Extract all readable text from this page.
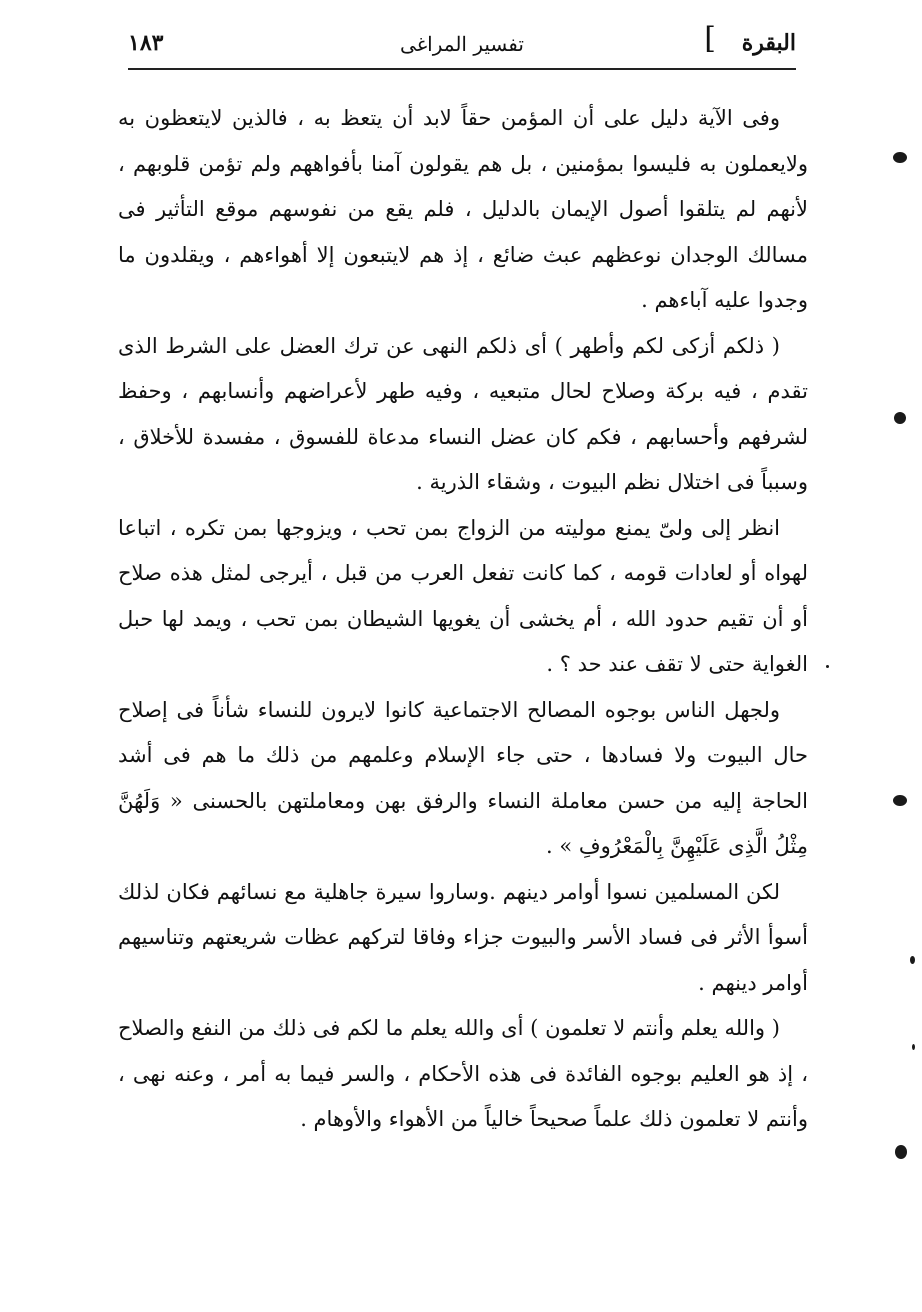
البقرة
]
تفسير المراغى
١٨٣

وفى الآية دليل على أن المؤمن حقاً لابد أن يتعظ به ، فالذين لايتعظون به ولايعملون به فليسوا بمؤمنين ، بل هم يقولون آمنا بأفواههم ولم تؤمن قلوبهم ، لأنهم لم يتلقوا أصول الإيمان بالدليل ، فلم يقع من نفوسهم موقع التأثير فى مسالك الوجدان نوعظهم عبث ضائع ، إذ هم لايتبعون إلا أهواءهم ، ويقلدون ما وجدوا عليه آباءهم .

( ذلكم أزكى لكم وأطهر ) أى ذلكم النهى عن ترك العضل على الشرط الذى تقدم ، فيه بركة وصلاح لحال متبعيه ، وفيه طهر لأعراضهم وأنسابهم ، وحفظ لشرفهم وأحسابهم ، فكم كان عضل النساء مدعاة للفسوق ، مفسدة للأخلاق ، وسبباً فى اختلال نظم البيوت ، وشقاء الذرية .

انظر إلى ولىّ يمنع موليته من الزواج بمن تحب ، ويزوجها بمن تكره ، اتباعا لهواه أو لعادات قومه ، كما كانت تفعل العرب من قبل ، أيرجى لمثل هذه صلاح أو أن تقيم حدود الله ، أم يخشى أن يغويها الشيطان بمن تحب ، ويمد لها حبل الغواية حتى لا تقف عند حد ؟ .

ولجهل الناس بوجوه المصالح الاجتماعية كانوا لايرون للنساء شأناً فى إصلاح حال البيوت ولا فسادها ، حتى جاء الإسلام وعلمهم من ذلك ما هم فى أشد الحاجة إليه من حسن معاملة النساء والرفق بهن ومعاملتهن بالحسنى « وَلَهُنَّ مِثْلُ الَّذِى عَلَيْهِنَّ بِالْمَعْرُوفِ » .

لكن المسلمين نسوا أوامر دينهم .وساروا سيرة جاهلية مع نسائهم فكان لذلك أسوأ الأثر فى فساد الأسر والبيوت جزاء وفاقا لتركهم عظات شريعتهم وتناسيهم أوامر دينهم .

( والله يعلم وأنتم لا تعلمون ) أى والله يعلم ما لكم فى ذلك من النفع والصلاح ، إذ هو العليم بوجوه الفائدة فى هذه الأحكام ، والسر فيما به أمر ، وعنه نهى ، وأنتم لا تعلمون ذلك علماً صحيحاً خالياً من الأهواء والأوهام .
